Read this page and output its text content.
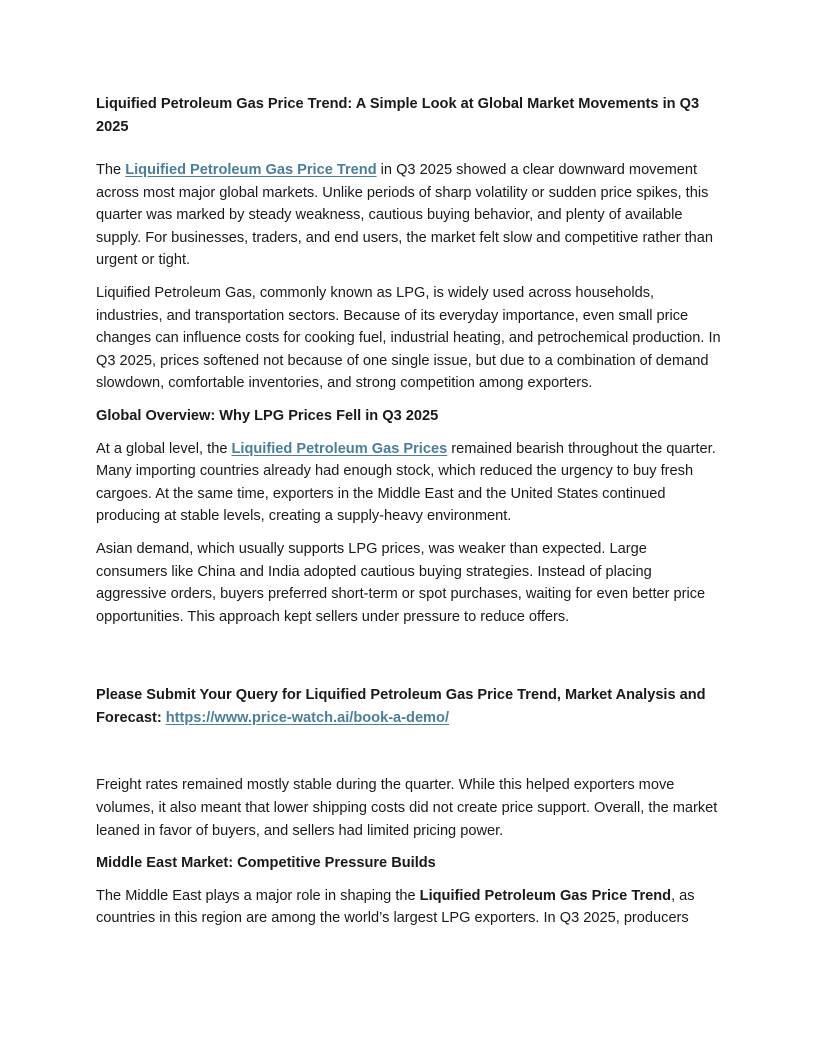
Liquified Petroleum Gas Price Trend: A Simple Look at Global Market Movements in Q3 2025

The Liquified Petroleum Gas Price Trend in Q3 2025 showed a clear downward movement across most major global markets. Unlike periods of sharp volatility or sudden price spikes, this quarter was marked by steady weakness, cautious buying behavior, and plenty of available supply. For businesses, traders, and end users, the market felt slow and competitive rather than urgent or tight.

Liquified Petroleum Gas, commonly known as LPG, is widely used across households, industries, and transportation sectors. Because of its everyday importance, even small price changes can influence costs for cooking fuel, industrial heating, and petrochemical production. In Q3 2025, prices softened not because of one single issue, but due to a combination of demand slowdown, comfortable inventories, and strong competition among exporters.

Global Overview: Why LPG Prices Fell in Q3 2025

At a global level, the Liquified Petroleum Gas Prices remained bearish throughout the quarter. Many importing countries already had enough stock, which reduced the urgency to buy fresh cargoes. At the same time, exporters in the Middle East and the United States continued producing at stable levels, creating a supply-heavy environment.

Asian demand, which usually supports LPG prices, was weaker than expected. Large consumers like China and India adopted cautious buying strategies. Instead of placing aggressive orders, buyers preferred short-term or spot purchases, waiting for even better price opportunities. This approach kept sellers under pressure to reduce offers.

Please Submit Your Query for Liquified Petroleum Gas Price Trend, Market Analysis and Forecast: https://www.price-watch.ai/book-a-demo/

Freight rates remained mostly stable during the quarter. While this helped exporters move volumes, it also meant that lower shipping costs did not create price support. Overall, the market leaned in favor of buyers, and sellers had limited pricing power.

Middle East Market: Competitive Pressure Builds

The Middle East plays a major role in shaping the Liquified Petroleum Gas Price Trend, as countries in this region are among the world’s largest LPG exporters. In Q3 2025, producers
